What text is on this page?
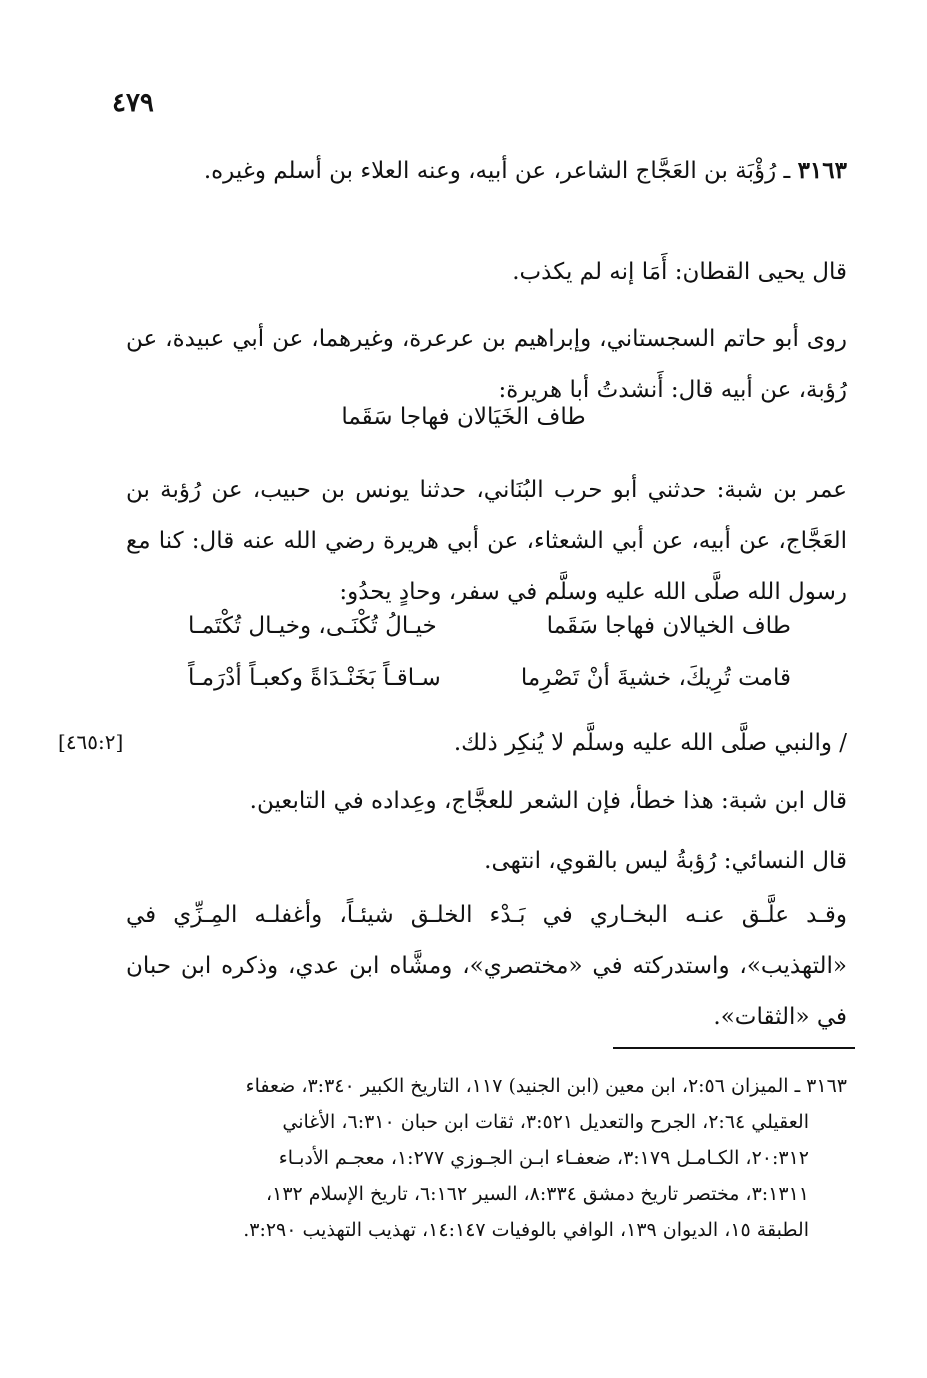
٤٧٩

٣١٦٣ ـ رُؤْبَة بن العَجَّاج الشاعر، عن أبيه، وعنه العلاء بن أسلم وغيره.

قال يحيى القطان: أَمَا إنه لم يكذب.

روى أبو حاتم السجستاني، وإبراهيم بن عرعرة، وغيرهما، عن أبي عبيدة، عن رُؤبة، عن أبيه قال: أَنشدتُ أبا هريرة:

طاف الخَيَالان فهاجا سَقَما

عمر بن شبة: حدثني أبو حرب البُنَاني، حدثنا يونس بن حبيب، عن رُؤبة بن العَجَّاج، عن أبيه، عن أبي الشعثاء، عن أبي هريرة رضي الله عنه قال: كنا مع رسول الله صلَّى الله عليه وسلَّم في سفر، وحادٍ يحدُو:

طاف الخيالان فهاجا سَقَما
خيـالُ تُكْنَـى، وخيـال تُكْتَمـا
قامت تُرِيكَ، خشيةَ أنْ تَصْرِما
سـاقـاً بَخَنْـدَاةً وكعبـاً أدْرَمـاً

/ والنبي صلَّى الله عليه وسلَّم لا يُنكِر ذلك.

[٤٦٥:٢]

قال ابن شبة: هذا خطأ، فإن الشعر للعجَّاج، وعِداده في التابعين.

قال النسائي: رُؤبةُ ليس بالقوي، انتهى.

وقـد علَّـق عنـه البخـاري في بَـدْء الخلـق شيئـاً، وأغفلـه المِـزِّي في «التهذيب»، واستدركته في «مختصري»، ومشَّاه ابن عدي، وذكره ابن حبان في «الثقات».

٣١٦٣ ـ الميزان ٢:٥٦، ابن معين (ابن الجنيد) ١١٧، التاريخ الكبير ٣:٣٤٠، ضعفاء
العقيلي ٢:٦٤، الجرح والتعديل ٣:٥٢١، ثقات ابن حبان ٦:٣١٠، الأغاني
٢٠:٣١٢، الكـامـل ٣:١٧٩، ضعفـاء ابـن الجـوزي ١:٢٧٧، معجـم الأدبـاء
٣:١٣١١، مختصر تاريخ دمشق ٨:٣٣٤، السير ٦:١٦٢، تاريخ الإسلام ١٣٢،
الطبقة ١٥، الديوان ١٣٩، الوافي بالوفيات ١٤:١٤٧، تهذيب التهذيب ٣:٢٩٠.
